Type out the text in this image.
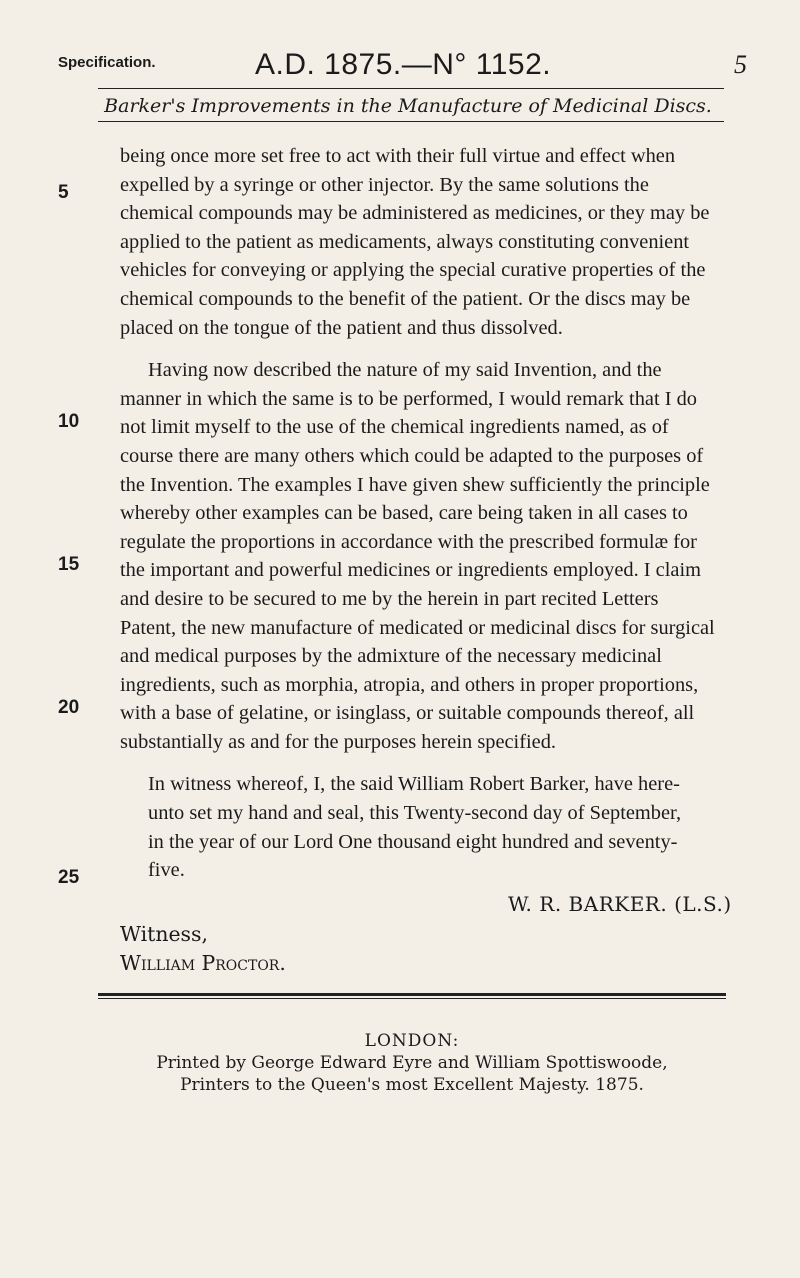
Specification.	A.D. 1875.—N° 1152.	5
Barker's Improvements in the Manufacture of Medicinal Discs.
5
10
15
20
25
being once more set free to act with their full virtue and effect when
expelled by a syringe or other injector. By the same solutions the
chemical compounds may be administered as medicines, or they may be
applied to the patient as medicaments, always constituting convenient
vehicles for conveying or applying the special curative properties of the
chemical compounds to the benefit of the patient. Or the discs may be
placed on the tongue of the patient and thus dissolved.
Having now described the nature of my said Invention, and the
manner in which the same is to be performed, I would remark that I do
not limit myself to the use of the chemical ingredients named, as of
course there are many others which could be adapted to the purposes of
the Invention. The examples I have given shew sufficiently the principle
whereby other examples can be based, care being taken in all cases to
regulate the proportions in accordance with the prescribed formulæ for
the important and powerful medicines or ingredients employed. I claim
and desire to be secured to me by the herein in part recited Letters
Patent, the new manufacture of medicated or medicinal discs for surgical
and medical purposes by the admixture of the necessary medicinal
ingredients, such as morphia, atropia, and others in proper proportions,
with a base of gelatine, or isinglass, or suitable compounds thereof, all
substantially as and for the purposes herein specified.
In witness whereof, I, the said William Robert Barker, have here-
unto set my hand and seal, this Twenty-second day of September,
in the year of our Lord One thousand eight hundred and seventy-
five.
W. R. BARKER. (L.S.)
Witness,
William Proctor.
LONDON:
Printed by George Edward Eyre and William Spottiswoode,
Printers to the Queen's most Excellent Majesty. 1875.
